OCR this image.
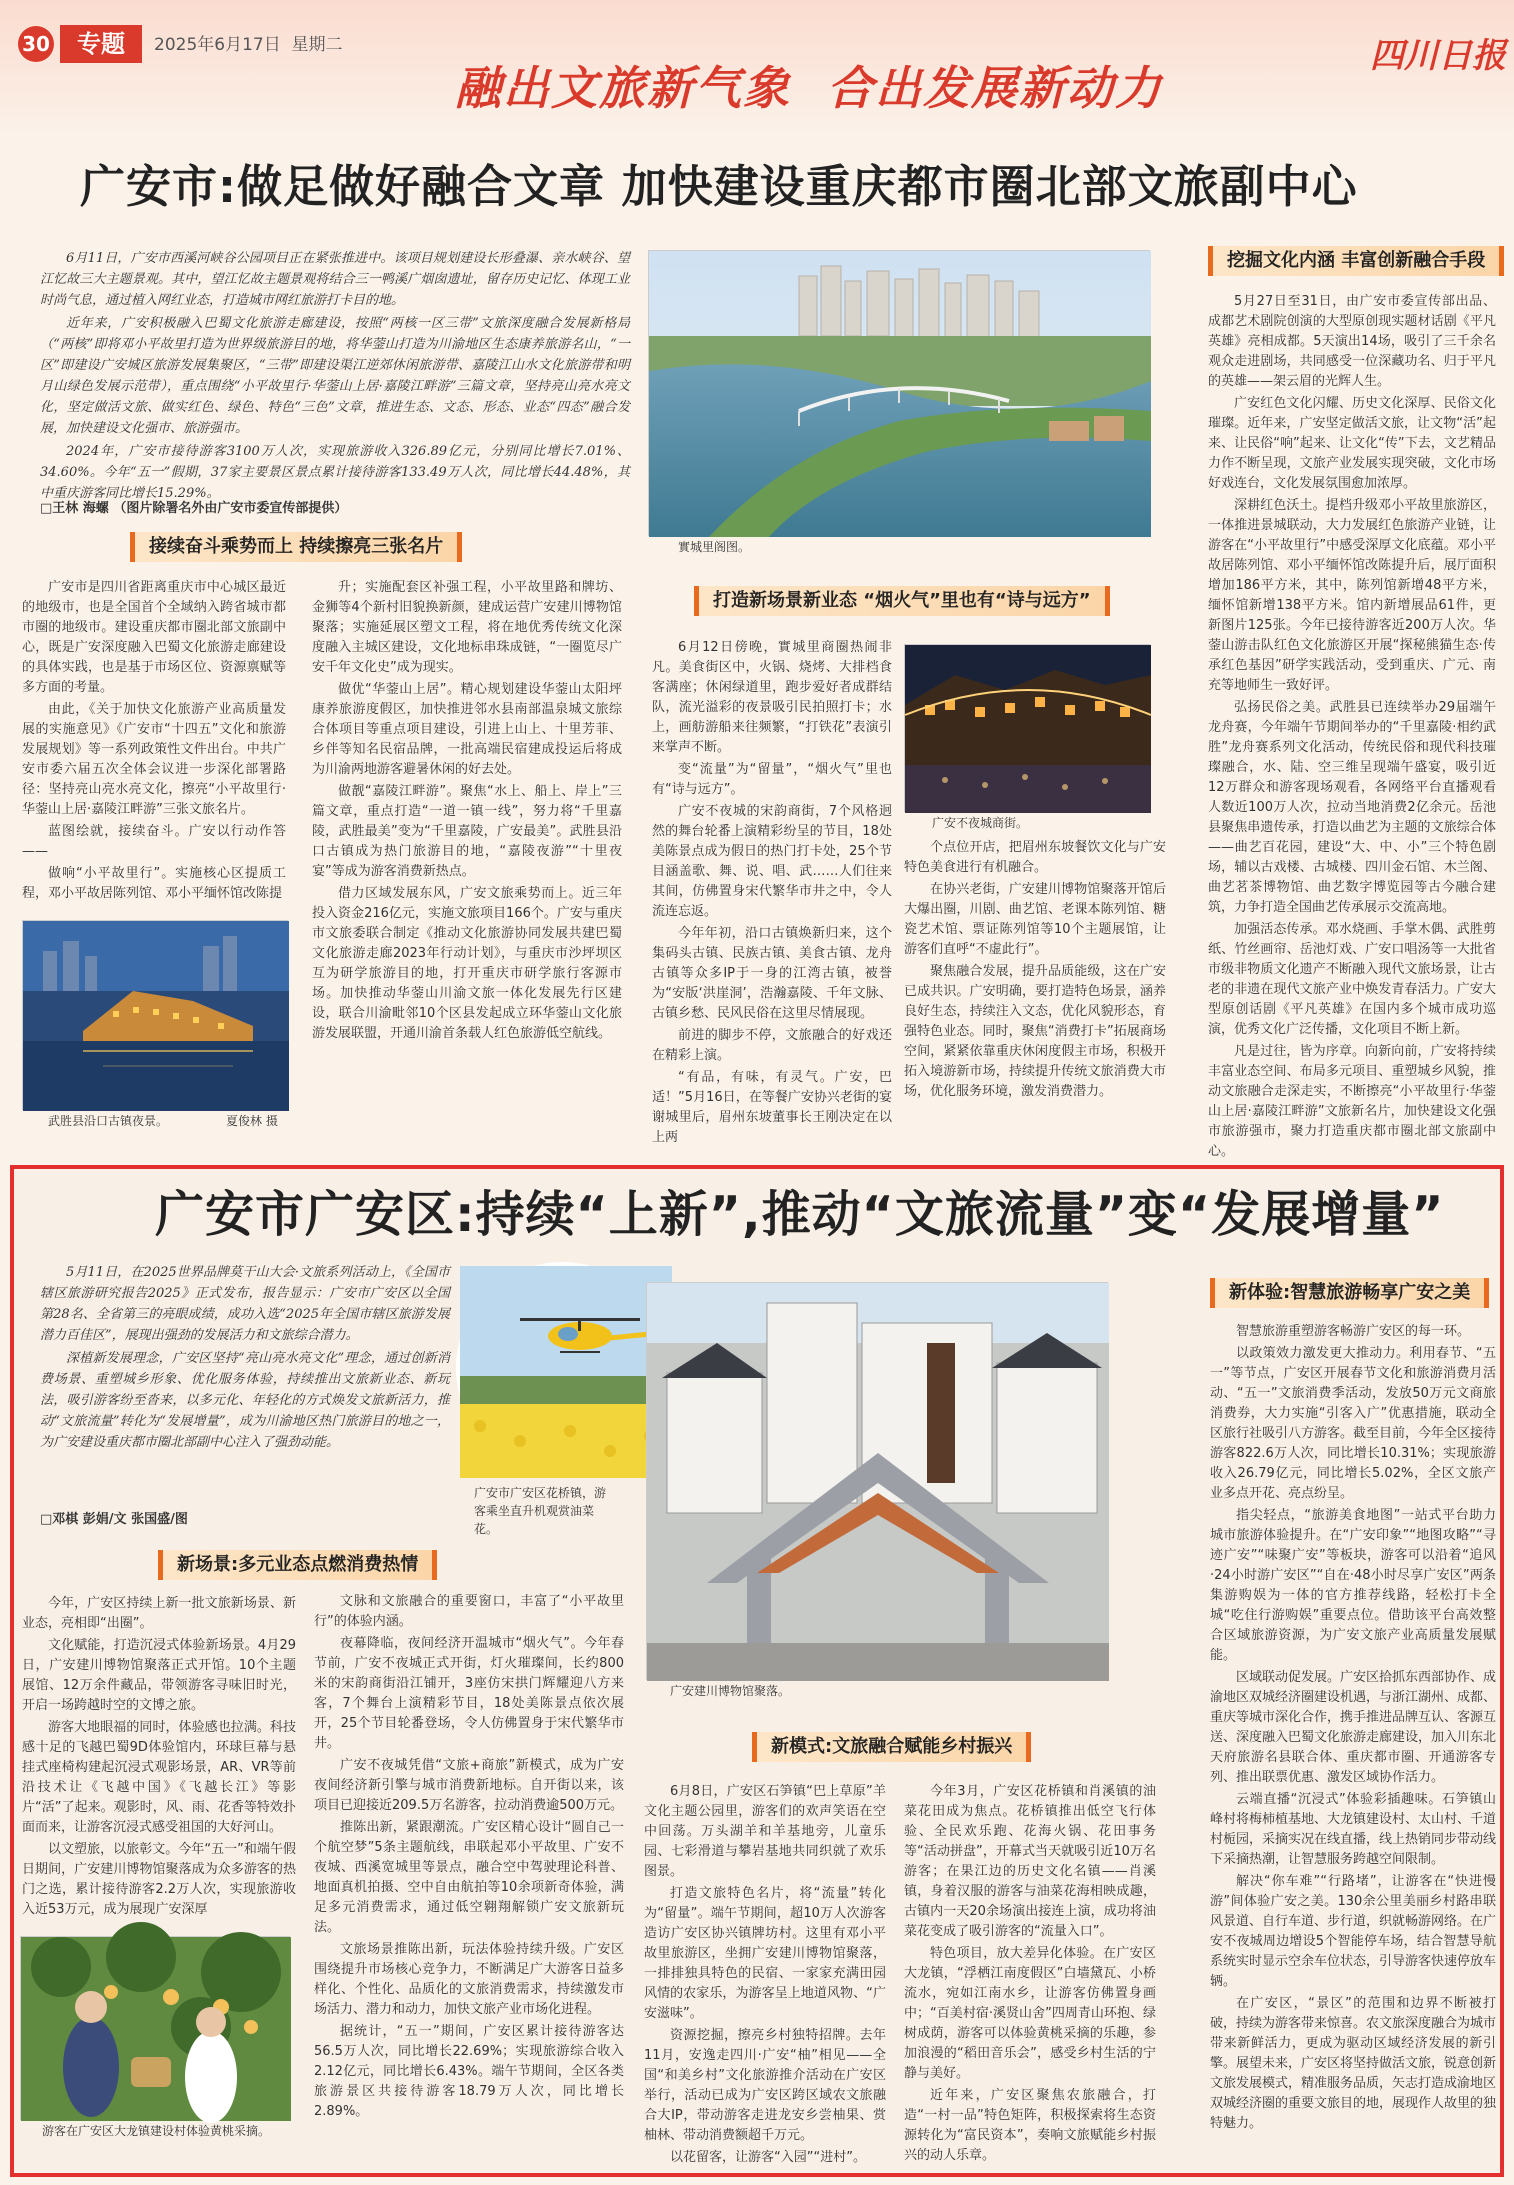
30	专题	2025年6月17日 星期二
融出文旅新气象 合出发展新动力
四川日报
广安市:做足做好融合文章 加快建设重庆都市圈北部文旅副中心

6月11日，广安市西溪河峡谷公园项目正在紧张推进中。该项目规划建设长形叠瀑、亲水峡谷、望江忆故三大主题景观。其中，望江忆故主题景观将结合三一鸭溪广烟囱遗址，留存历史记忆、体现工业时尚气息，通过植入网红业态，打造城市网红旅游打卡目的地。

近年来，广安积极融入巴蜀文化旅游走廊建设，按照“两核一区三带”文旅深度融合发展新格局（“两核”即将邓小平故里打造为世界级旅游目的地，将华蓥山打造为川渝地区生态康养旅游名山，“一区”即建设广安城区旅游发展集聚区，“三带”即建设渠江逆郊休闲旅游带、嘉陵江山水文化旅游带和明月山绿色发展示范带），重点围绕“小平故里行·华蓥山上居·嘉陵江畔游”三篇文章，坚持亮山亮水亮文化，坚定做活文旅、做实红色、绿色、特色“三色”文章，推进生态、文态、形态、业态“四态”融合发展，加快建设文化强市、旅游强市。

2024年，广安市接待游客3100万人次，实现旅游收入326.89亿元，分别同比增长7.01%、34.60%。今年“五一”假期，37家主要景区景点累计接待游客133.49万人次，同比增长44.48%，其中重庆游客同比增长15.29%。

□王林 海螺 （图片除署名外由广安市委宣传部提供）
實城里阁图。
挖掘文化内涵 丰富创新融合手段

5月27日至31日，由广安市委宣传部出品、成都艺术剧院创演的大型原创现实题材话剧《平凡英雄》亮相成都。5天演出14场，吸引了三千余名观众走进剧场，共同感受一位深藏功名、归于平凡的英雄——架云眉的光辉人生。

广安红色文化闪耀、历史文化深厚、民俗文化璀璨。近年来，广安坚定做活文旅，让文物“活”起来、让民俗“响”起来、让文化“传”下去，文艺精品力作不断呈现，文旅产业发展实现突破，文化市场好戏连台，文化发展氛围愈加浓厚。

深耕红色沃土。提档升级邓小平故里旅游区，一体推进景城联动，大力发展红色旅游产业链，让游客在“小平故里行”中感受深厚文化底蕴。邓小平故居陈列馆、邓小平缅怀馆改陈提升后，展厅面积增加186平方米，其中，陈列馆新增48平方米，缅怀馆新增138平方米。馆内新增展品61件，更新图片125张。今年已接待游客近200万人次。华蓥山游击队红色文化旅游区开展“探秘熊猫生态·传承红色基因”研学实践活动，受到重庆、广元、南充等地师生一致好评。

弘扬民俗之美。武胜县已连续举办29届端午龙舟赛，今年端午节期间举办的“千里嘉陵·相约武胜”龙舟赛系列文化活动，传统民俗和现代科技璀璨融合，水、陆、空三维呈现端午盛宴，吸引近12万群众和游客现场观看，各网络平台直播观看人数近100万人次，拉动当地消费2亿余元。岳池县聚焦串遗传承，打造以曲艺为主题的文旅综合体——曲艺百花园，建设“大、中、小”三个特色剧场，辅以古戏楼、古城楼、四川金石馆、木兰阁、曲艺茗茶博物馆、曲艺数字博览园等古今融合建筑，力争打造全国曲艺传承展示交流高地。

加强活态传承。邓水烧画、手掌木偶、武胜剪纸、竹丝画帘、岳池灯戏、广安口唱汤等一大批省市级非物质文化遗产不断融入现代文旅场景，让古老的非遗在现代文旅产业中焕发青春活力。广安大型原创话剧《平凡英雄》在国内多个城市成功巡演，优秀文化广泛传播，文化项目不断上新。

凡是过往，皆为序章。向新向前，广安将持续丰富业态空间、布局多元项目、重塑城乡风貌，推动文旅融合走深走实，不断擦亮“小平故里行·华蓥山上居·嘉陵江畔游”文旅新名片，加快建设文化强市旅游强市，聚力打造重庆都市圈北部文旅副中心。

接续奋斗乘势而上 持续擦亮三张名片

广安市是四川省距离重庆市中心城区最近的地级市，也是全国首个全域纳入跨省城市都市圈的地级市。建设重庆都市圈北部文旅副中心，既是广安深度融入巴蜀文化旅游走廊建设的具体实践，也是基于市场区位、资源禀赋等多方面的考量。

由此，《关于加快文化旅游产业高质量发展的实施意见》《广安市“十四五”文化和旅游发展规划》等一系列政策性文件出台。中共广安市委六届五次全体会议进一步深化部署路径：坚持亮山亮水亮文化，擦亮“小平故里行·华蓥山上居·嘉陵江畔游”三张文旅名片。

蓝图绘就，接续奋斗。广安以行动作答——

做响“小平故里行”。实施核心区提质工程，邓小平故居陈列馆、邓小平缅怀馆改陈提

武胜县沿口古镇夜景。	夏俊林 摄

升；实施配套区补强工程，小平故里路和牌坊、金狮等4个新村旧貌换新颜，建成运营广安建川博物馆聚落；实施延展区塑文工程，将在地优秀传统文化深度融入主城区建设，文化地标串珠成链，“一圈览尽广安千年文化史”成为现实。

做优“华蓥山上居”。精心规划建设华蓥山太阳坪康养旅游度假区，加快推进邻水县南部温泉城文旅综合体项目等重点项目建设，引进上山上、十里芳菲、乡伴等知名民宿品牌，一批高端民宿建成投运后将成为川渝两地游客避暑休闲的好去处。

做靓“嘉陵江畔游”。聚焦“水上、船上、岸上”三篇文章，重点打造“一道一镇一线”，努力将“千里嘉陵，武胜最美”变为“千里嘉陵，广安最美”。武胜县沿口古镇成为热门旅游目的地，“嘉陵夜游”“十里夜宴”等成为游客消费新热点。

借力区域发展东风，广安文旅乘势而上。近三年投入资金216亿元，实施文旅项目166个。广安与重庆市文旅委联合制定《推动文化旅游协同发展共建巴蜀文化旅游走廊2023年行动计划》，与重庆市沙坪坝区互为研学旅游目的地，打开重庆市研学旅行客源市场。加快推动华蓥山川渝文旅一体化发展先行区建设，联合川渝毗邻10个区县发起成立环华蓥山文化旅游发展联盟，开通川渝首条载人红色旅游低空航线。

打造新场景新业态 “烟火气”里也有“诗与远方”

6月12日傍晚，實城里商圈热闹非凡。美食街区中，火锅、烧烤、大排档食客满座；休闲绿道里，跑步爱好者成群结队，流光溢彩的夜景吸引民拍照打卡；水上，画舫游船来往频繁，“打铁花”表演引来掌声不断。

变“流量”为“留量”，“烟火气”里也有“诗与远方”。

广安不夜城的宋韵商街，7个风格迥然的舞台轮番上演精彩纷呈的节目，18处美陈景点成为假日的热门打卡处，25个节目涵盖歌、舞、说、唱、武……人们往来其间，仿佛置身宋代繁华市井之中，令人流连忘返。

今年年初，沿口古镇焕新归来，这个集码头古镇、民族古镇、美食古镇、龙舟古镇等众多IP于一身的江湾古镇，被誉为“安版‘洪崖洞’，浩瀚嘉陵、千年文脉、古镇乡愁、民风民俗在这里尽情展现。

前进的脚步不停，文旅融合的好戏还在精彩上演。

“有品，有味，有灵气。广安，巴适！”5月16日，在等餐广安协兴老街的宴谢城里后，眉州东坡董事长王刚决定在以上两

广安不夜城商街。

个点位开店，把眉州东坡餐饮文化与广安特色美食进行有机融合。

在协兴老街，广安建川博物馆聚落开馆后大爆出圈，川剧、曲艺馆、老课本陈列馆、糖瓷艺术馆、票证陈列馆等10个主题展馆，让游客们直呼“不虚此行”。

聚焦融合发展，提升品质能级，这在广安已成共识。广安明确，要打造特色场景，涵养良好生态，持续注入文态，优化风貌形态，育强特色业态。同时，聚焦“消费打卡”拓展商场空间，紧紧依靠重庆休闲度假主市场，积极开拓入境游新市场，持续提升传统文旅消费大市场，优化服务环境，激发消费潜力。

广安市广安区:持续“上新”,推动“文旅流量”变“发展增量”

5月11日，在2025世界品牌莫干山大会·文旅系列活动上，《全国市辖区旅游研究报告2025》正式发布，报告显示：广安市广安区以全国第28名、全省第三的亮眼成绩，成功入选“2025年全国市辖区旅游发展潜力百佳区”，展现出强劲的发展活力和文旅综合潜力。

深植新发展理念，广安区坚持“亮山亮水亮文化”理念，通过创新消费场景、重塑城乡形象、优化服务体验，持续推出文旅新业态、新玩法，吸引游客纷至沓来，以多元化、年轻化的方式焕发文旅新活力，推动“文旅流量”转化为“发展增量”，成为川渝地区热门旅游目的地之一，为广安建设重庆都市圈北部副中心注入了强劲动能。

□邓棋 彭娟/文 张国盛/图
广安市广安区花桥镇，游客乘坐直升机观赏油菜花。
广安建川博物馆聚落。
新体验:智慧旅游畅享广安之美

智慧旅游重塑游客畅游广安区的每一环。

以政策效力激发更大推动力。利用春节、“五一”等节点，广安区开展春节文化和旅游消费月活动、“五一”文旅消费季活动，发放50万元文商旅消费券，大力实施“引客入广”优惠措施，联动全区旅行社吸引八方游客。截至目前，今年全区接待游客822.6万人次，同比增长10.31%；实现旅游收入26.79亿元，同比增长5.02%，全区文旅产业多点开花、亮点纷呈。

指尖轻点，“旅游美食地图”一站式平台助力城市旅游体验提升。在“广安印象”“地图攻略”“寻迹广安”“味聚广安”等板块，游客可以沿着“追风·24小时游广安区”“自在·48小时尽享广安区”两条集游购娱为一体的官方推荐线路，轻松打卡全城“吃住行游购娱”重要点位。借助该平台高效整合区域旅游资源，为广安文旅产业高质量发展赋能。

区域联动促发展。广安区拾抓东西部协作、成渝地区双城经济圈建设机遇，与浙江湖州、成都、重庆等城市深化合作，携手推进品牌互认、客源互送、深度融入巴蜀文化旅游走廊建设，加入川东北天府旅游名县联合体、重庆都市圈、开通游客专列、推出联票优惠、激发区域协作活力。

云端直播“沉浸式”体验彩插趣味。石笋镇山峰村将梅柿植基地、大龙镇建设村、太山村、千道村栀园，采摘实况在线直播，线上热销同步带动线下采摘热潮，让智慧服务跨越空间限制。

解决“你车难”“行路堵”，让游客在“快进慢游”间体验广安之美。130余公里美丽乡村路串联风景道、自行车道、步行道，织就畅游网络。在广安不夜城周边增设5个智能停车场，结合智慧导航系统实时显示空余车位状态，引导游客快速停放车辆。

在广安区，“景区”的范围和边界不断被打破，持续为游客带来惊喜。农文旅深度融合为城市带来新鲜活力，更成为驱动区域经济发展的新引擎。展望未来，广安区将坚持做活文旅，锐意创新文旅发展模式，精准服务品质，矢志打造成渝地区双城经济圈的重要文旅目的地，展现作人故里的独特魅力。

新场景:多元业态点燃消费热情

今年，广安区持续上新一批文旅新场景、新业态，亮相即“出圈”。

文化赋能，打造沉浸式体验新场景。4月29日，广安建川博物馆聚落正式开馆。10个主题展馆、12万余件藏品，带领游客寻味旧时光，开启一场跨越时空的文博之旅。

游客大地眼福的同时，体验感也拉满。科技感十足的飞越巴蜀9D体验馆内，环球巨幕与悬挂式座椅构建起沉浸式观影场景，AR、VR等前沿技术让《飞越中国》《飞越长江》等影片“活”了起来。观影时，风、雨、花香等特效扑面而来，让游客沉浸式感受祖国的大好河山。

以文塑旅，以旅彰文。今年“五一”和端午假日期间，广安建川博物馆聚落成为众多游客的热门之选，累计接待游客2.2万人次，实现旅游收入近53万元，成为展现广安深厚

游客在广安区大龙镇建设村体验黄桃采摘。

文脉和文旅融合的重要窗口，丰富了“小平故里行”的体验内涵。

夜幕降临，夜间经济开温城市“烟火气”。今年春节前，广安不夜城正式开街，灯火璀璨间，长约800米的宋韵商街沿江铺开，3座仿宋拱门辉耀迎八方来客，7个舞台上演精彩节目，18处美陈景点依次展开，25个节目轮番登场，令人仿佛置身于宋代繁华市井。

广安不夜城凭借“文旅+商旅”新模式，成为广安夜间经济新引擎与城市消费新地标。自开街以来，该项目已迎接近209.5万名游客，拉动消费逾500万元。

推陈出新，紧跟潮流。广安区精心设计“圆自己一个航空梦”5条主题航线，串联起邓小平故里、广安不夜城、西溪宽城里等景点，融合空中驾驶理论科普、地面真机拍摄、空中自由航拍等10余项新奇体验，满足多元消费需求，通过低空翱翔解锁广安文旅新玩法。

文旅场景推陈出新，玩法体验持续升级。广安区围绕提升市场核心竞争力，不断满足广大游客日益多样化、个性化、品质化的文旅消费需求，持续激发市场活力、潜力和动力，加快文旅产业市场化进程。

据统计，“五一”期间，广安区累计接待游客达56.5万人次，同比增长22.69%；实现旅游综合收入2.12亿元，同比增长6.43%。端午节期间，全区各类旅游景区共接待游客18.79万人次，同比增长2.89%。

新模式:文旅融合赋能乡村振兴

6月8日，广安区石笋镇“巴上草原”羊文化主题公园里，游客们的欢声笑语在空中回荡。万头湖羊和羊基地旁，儿童乐园、七彩滑道与攀岩基地共同织就了欢乐图景。

打造文旅特色名片，将“流量”转化为“留量”。端午节期间，超10万人次游客造访广安区协兴镇牌坊村。这里有邓小平故里旅游区，坐拥广安建川博物馆聚落，一排排独具特色的民宿、一家家充满田园风情的农家乐，为游客呈上地道风物、“广安滋味”。

资源挖掘，擦亮乡村独特招牌。去年11月，安逸走四川·广安“柚”相见——全国“和美乡村”文化旅游推介活动在广安区举行，活动已成为广安区跨区域农文旅融合大IP，带动游客走进龙安乡尝柚果、赏柚林、带动消费额超千万元。

以花留客，让游客“入园”“进村”。

今年3月，广安区花桥镇和肖溪镇的油菜花田成为焦点。花桥镇推出低空飞行体验、全民欢乐跑、花海火锅、花田事务等“活动拼盘”，开幕式当天就吸引近10万名游客；在果江边的历史文化名镇——肖溪镇，身着汉服的游客与油菜花海相映成趣，古镇内一天20余场演出接连上演，成功将油菜花变成了吸引游客的“流量入口”。

特色项目，放大差异化体验。在广安区大龙镇，“浮栖江南度假区”白墙黛瓦、小桥流水，宛如江南水乡，让游客仿佛置身画中；“百美村宿·溪贤山舍”四周青山环抱、绿树成荫，游客可以体验黄桃采摘的乐趣，参加浪漫的“稻田音乐会”，感受乡村生活的宁静与美好。

近年来，广安区聚焦农旅融合，打造“一村一品”特色矩阵，积极探索将生态资源转化为“富民资本”，奏响文旅赋能乡村振兴的动人乐章。
